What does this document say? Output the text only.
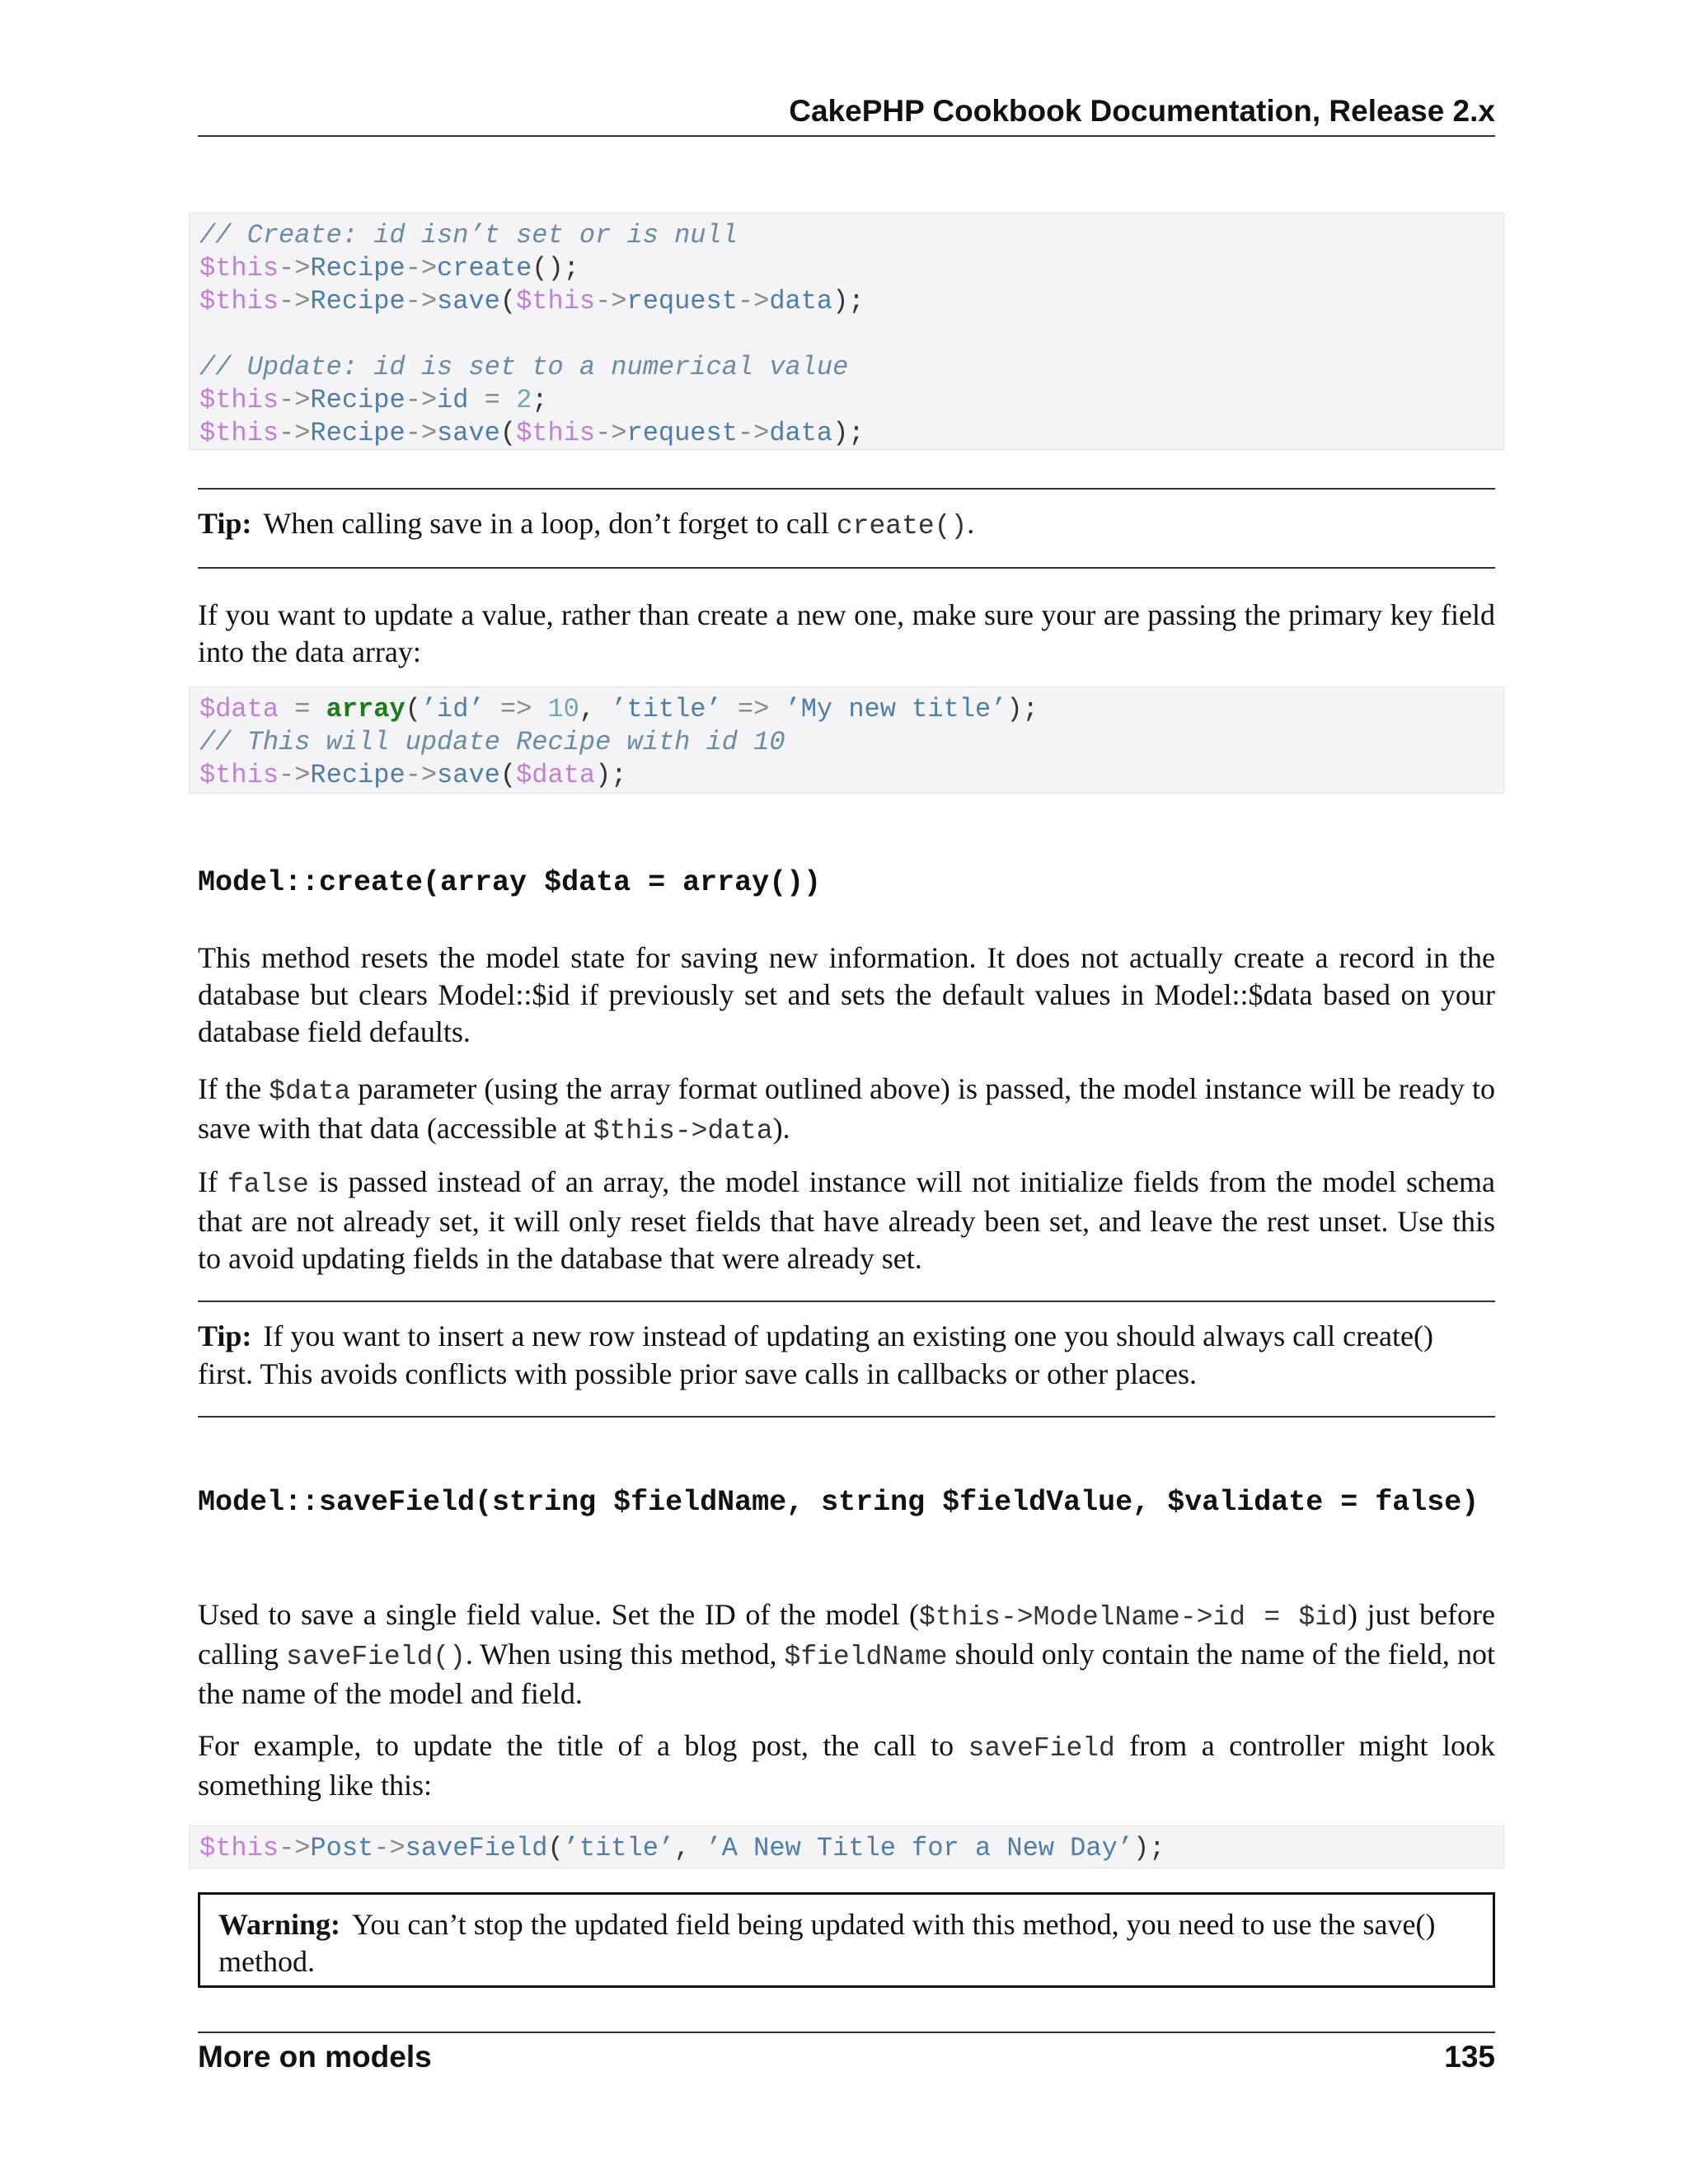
CakePHP Cookbook Documentation, Release 2.x
// Create: id isn’t set or is null
$this->Recipe->create();
$this->Recipe->save($this->request->data);
// Update: id is set to a numerical value
$this->Recipe->id = 2;
$this->Recipe->save($this->request->data);
Tip: When calling save in a loop, don’t forget to call create().
If you want to update a value, rather than create a new one, make sure your are passing the primary key field into the data array:
$data = array(’id’ => 10, ’title’ => ’My new title’);
// This will update Recipe with id 10
$this->Recipe->save($data);
Model::create(array $data = array())
This method resets the model state for saving new information. It does not actually create a record in the database but clears Model::$id if previously set and sets the default values in Model::$data based on your database field defaults.
If the $data parameter (using the array format outlined above) is passed, the model instance will be ready to save with that data (accessible at $this->data).
If false is passed instead of an array, the model instance will not initialize fields from the model schema that are not already set, it will only reset fields that have already been set, and leave the rest unset. Use this to avoid updating fields in the database that were already set.
Tip: If you want to insert a new row instead of updating an existing one you should always call create() first. This avoids conflicts with possible prior save calls in callbacks or other places.
Model::saveField(string $fieldName, string $fieldValue, $validate = false)
Used to save a single field value. Set the ID of the model ($this->ModelName->id = $id) just before calling saveField(). When using this method, $fieldName should only contain the name of the field, not the name of the model and field.
For example, to update the title of a blog post, the call to saveField from a controller might look something like this:
$this->Post->saveField(’title’, ’A New Title for a New Day’);
Warning: You can’t stop the updated field being updated with this method, you need to use the save() method.
More on models	135
